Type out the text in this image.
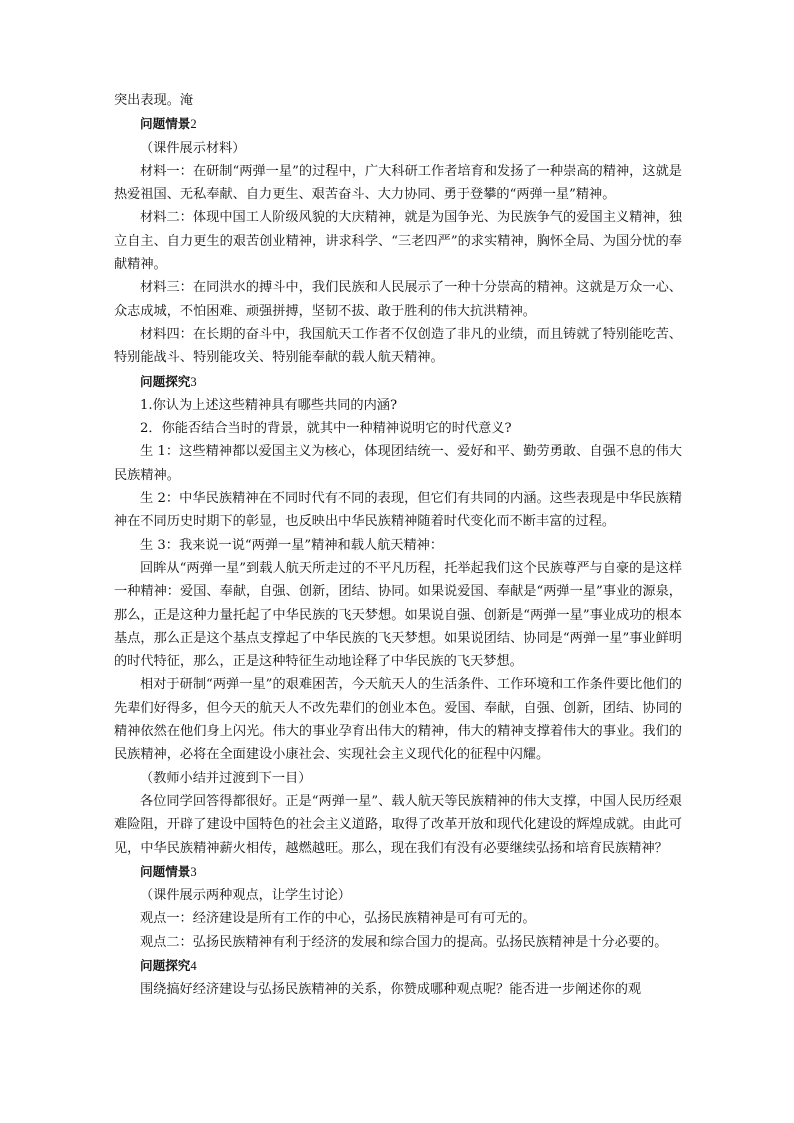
突出表现。淹

问题情景2

（课件展示材料）

材料一：在研制“两弹一星”的过程中，广大科研工作者培育和发扬了一种崇高的精神，这就是热爱祖国、无私奉献、自力更生、艰苦奋斗、大力协同、勇于登攀的“两弹一星”精神。

材料二：体现中国工人阶级风貌的大庆精神，就是为国争光、为民族争气的爱国主义精神，独立自主、自力更生的艰苦创业精神，讲求科学、“三老四严”的求实精神，胸怀全局、为国分忧的奉献精神。

材料三：在同洪水的搏斗中，我们民族和人民展示了一种十分崇高的精神。这就是万众一心、众志成城，不怕困难、顽强拼搏，坚韧不拔、敢于胜利的伟大抗洪精神。

材料四：在长期的奋斗中，我国航天工作者不仅创造了非凡的业绩，而且铸就了特别能吃苦、特别能战斗、特别能攻关、特别能奉献的载人航天精神。

问题探究3

1.你认为上述这些精神具有哪些共同的内涵?

2．你能否结合当时的背景，就其中一种精神说明它的时代意义?

生 1：这些精神都以爱国主义为核心，体现团结统一、爱好和平、勤劳勇敢、自强不息的伟大民族精神。

生 2：中华民族精神在不同时代有不同的表现，但它们有共同的内涵。这些表现是中华民族精神在不同历史时期下的彰显，也反映出中华民族精神随着时代变化而不断丰富的过程。

生 3：我来说一说“两弹一星”精神和载人航天精神：

回眸从“两弹一星”到载人航天所走过的不平凡历程，托举起我们这个民族尊严与自豪的是这样一种精神：爱国、奉献，自强、创新，团结、协同。如果说爱国、奉献是“两弹一星”事业的源泉，那么，正是这种力量托起了中华民族的飞天梦想。如果说自强、创新是“两弹一星”事业成功的根本基点，那么正是这个基点支撑起了中华民族的飞天梦想。如果说团结、协同是“两弹一星”事业鲜明的时代特征，那么，正是这种特征生动地诠释了中华民族的飞天梦想。

相对于研制“两弹一星”的艰难困苦，今天航天人的生活条件、工作环境和工作条件要比他们的先辈们好得多，但今天的航天人不改先辈们的创业本色。爱国、奉献，自强、创新，团结、协同的精神依然在他们身上闪光。伟大的事业孕育出伟大的精神，伟大的精神支撑着伟大的事业。我们的民族精神，必将在全面建设小康社会、实现社会主义现代化的征程中闪耀。

（教师小结并过渡到下一目）

各位同学回答得都很好。正是“两弹一星”、载人航天等民族精神的伟大支撑，中国人民历经艰难险阻，开辟了建设中国特色的社会主义道路，取得了改革开放和现代化建设的辉煌成就。由此可见，中华民族精神薪火相传，越燃越旺。那么，现在我们有没有必要继续弘扬和培育民族精神？

问题情景3

（课件展示两种观点，让学生讨论）

观点一：经济建设是所有工作的中心，弘扬民族精神是可有可无的。

观点二：弘扬民族精神有利于经济的发展和综合国力的提高。弘扬民族精神是十分必要的。

问题探究4

围绕搞好经济建设与弘扬民族精神的关系，你赞成哪种观点呢？能否进一步阐述你的观
